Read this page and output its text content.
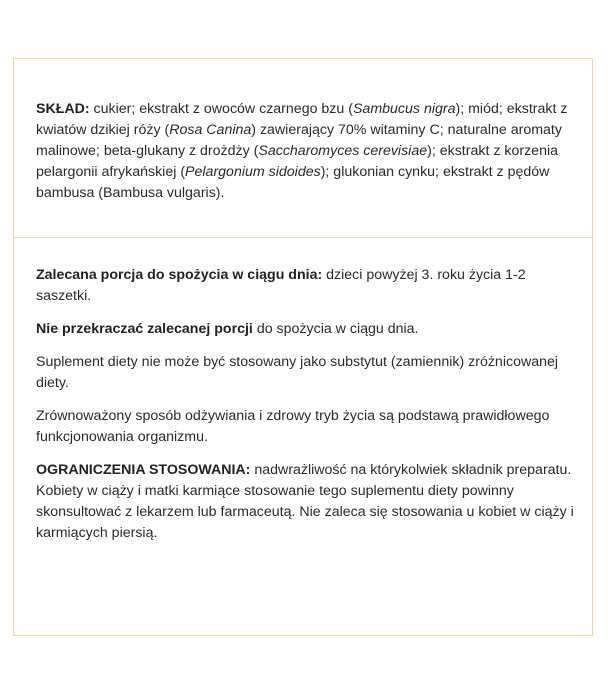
SKŁAD: cukier; ekstrakt z owoców czarnego bzu (Sambucus nigra); miód; ekstrakt z kwiatów dzikiej róży (Rosa Canina) zawierający 70% witaminy C; naturalne aromaty malinowe; beta-glukany z drożdży (Saccharomyces cerevisiae); ekstrakt z korzenia pelargonii afrykańskiej (Pelargonium sidoides); glukonian cynku; ekstrakt z pędów bambusa (Bambusa vulgaris).

Zalecana porcja do spożycia w ciągu dnia: dzieci powyżej 3. roku życia 1-2 saszetki.

Nie przekraczać zalecanej porcji do spożycia w ciągu dnia.

Suplement diety nie może być stosowany jako substytut (zamiennik) zróżnicowanej diety.

Zrównoważony sposób odżywiania i zdrowy tryb życia są podstawą prawidłowego funkcjonowania organizmu.

OGRANICZENIA STOSOWANIA: nadwrażliwość na którykolwiek składnik preparatu. Kobiety w ciąży i matki karmiące stosowanie tego suplementu diety powinny skonsultować z lekarzem lub farmaceutą. Nie zaleca się stosowania u kobiet w ciąży i karmiących piersią.
